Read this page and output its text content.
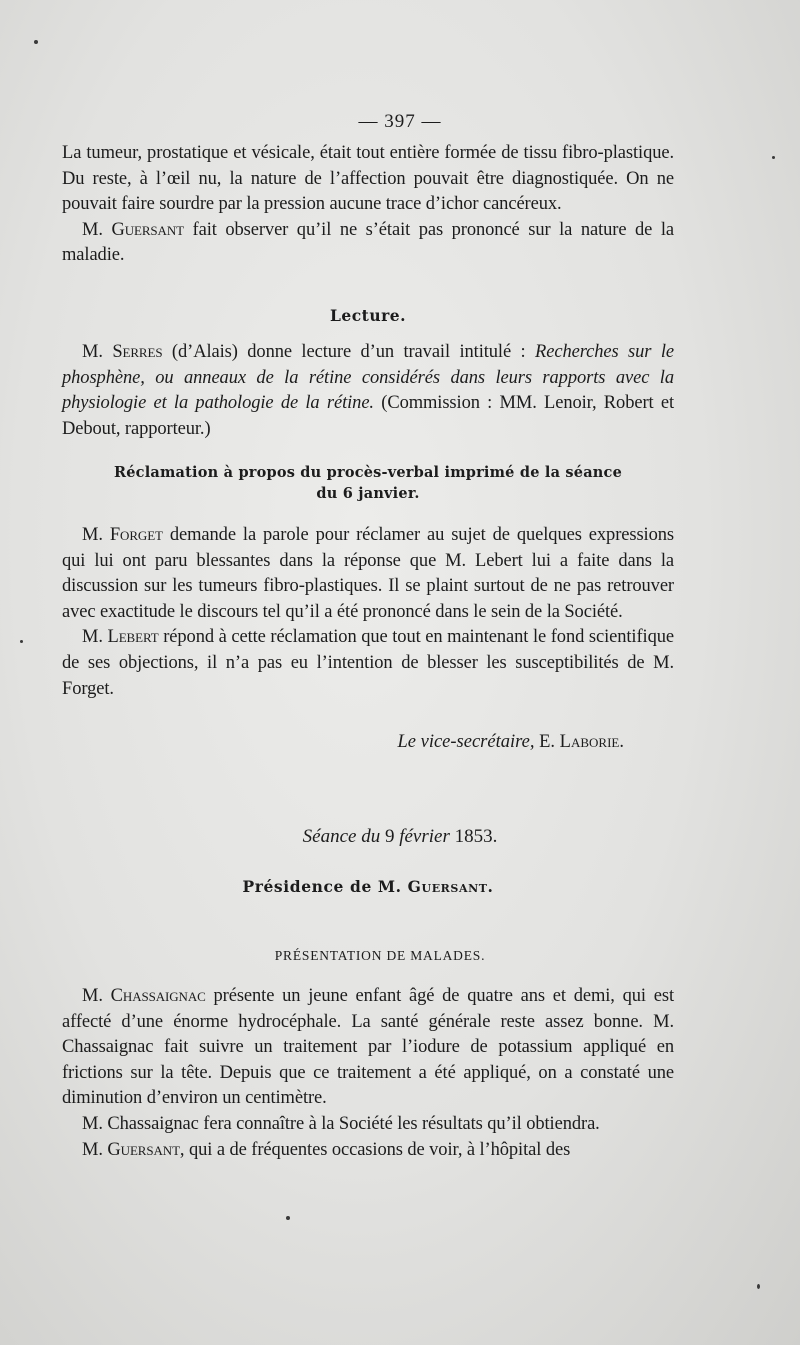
— 397 —

La tumeur, prostatique et vésicale, était tout entière formée de tissu fibro-plastique. Du reste, à l’œil nu, la nature de l’affection pouvait être diagnostiquée. On ne pouvait faire sourdre par la pression aucune trace d’ichor cancéreux.

M. Guersant fait observer qu’il ne s’était pas prononcé sur la nature de la maladie.

Lecture.

M. Serres (d’Alais) donne lecture d’un travail intitulé : Recherches sur le phosphène, ou anneaux de la rétine considérés dans leurs rapports avec la physiologie et la pathologie de la rétine. (Commission : MM. Lenoir, Robert et Debout, rapporteur.)

Réclamation à propos du procès-verbal imprimé de la séance
du 6 janvier.

M. Forget demande la parole pour réclamer au sujet de quelques expressions qui lui ont paru blessantes dans la réponse que M. Lebert lui a faite dans la discussion sur les tumeurs fibro-plastiques. Il se plaint surtout de ne pas retrouver avec exactitude le discours tel qu’il a été prononcé dans le sein de la Société.

M. Lebert répond à cette réclamation que tout en maintenant le fond scientifique de ses objections, il n’a pas eu l’intention de blesser les susceptibilités de M. Forget.

Le vice-secrétaire, E. Laborie.
Séance du 9 février 1853.
Présidence de M. Guersant.
PRÉSENTATION DE MALADES.

M. Chassaignac présente un jeune enfant âgé de quatre ans et demi, qui est affecté d’une énorme hydrocéphale. La santé générale reste assez bonne. M. Chassaignac fait suivre un traitement par l’iodure de potassium appliqué en frictions sur la tête. Depuis que ce traitement a été appliqué, on a constaté une diminution d’environ un centimètre.

M. Chassaignac fera connaître à la Société les résultats qu’il obtiendra.

M. Guersant, qui a de fréquentes occasions de voir, à l’hôpital des
